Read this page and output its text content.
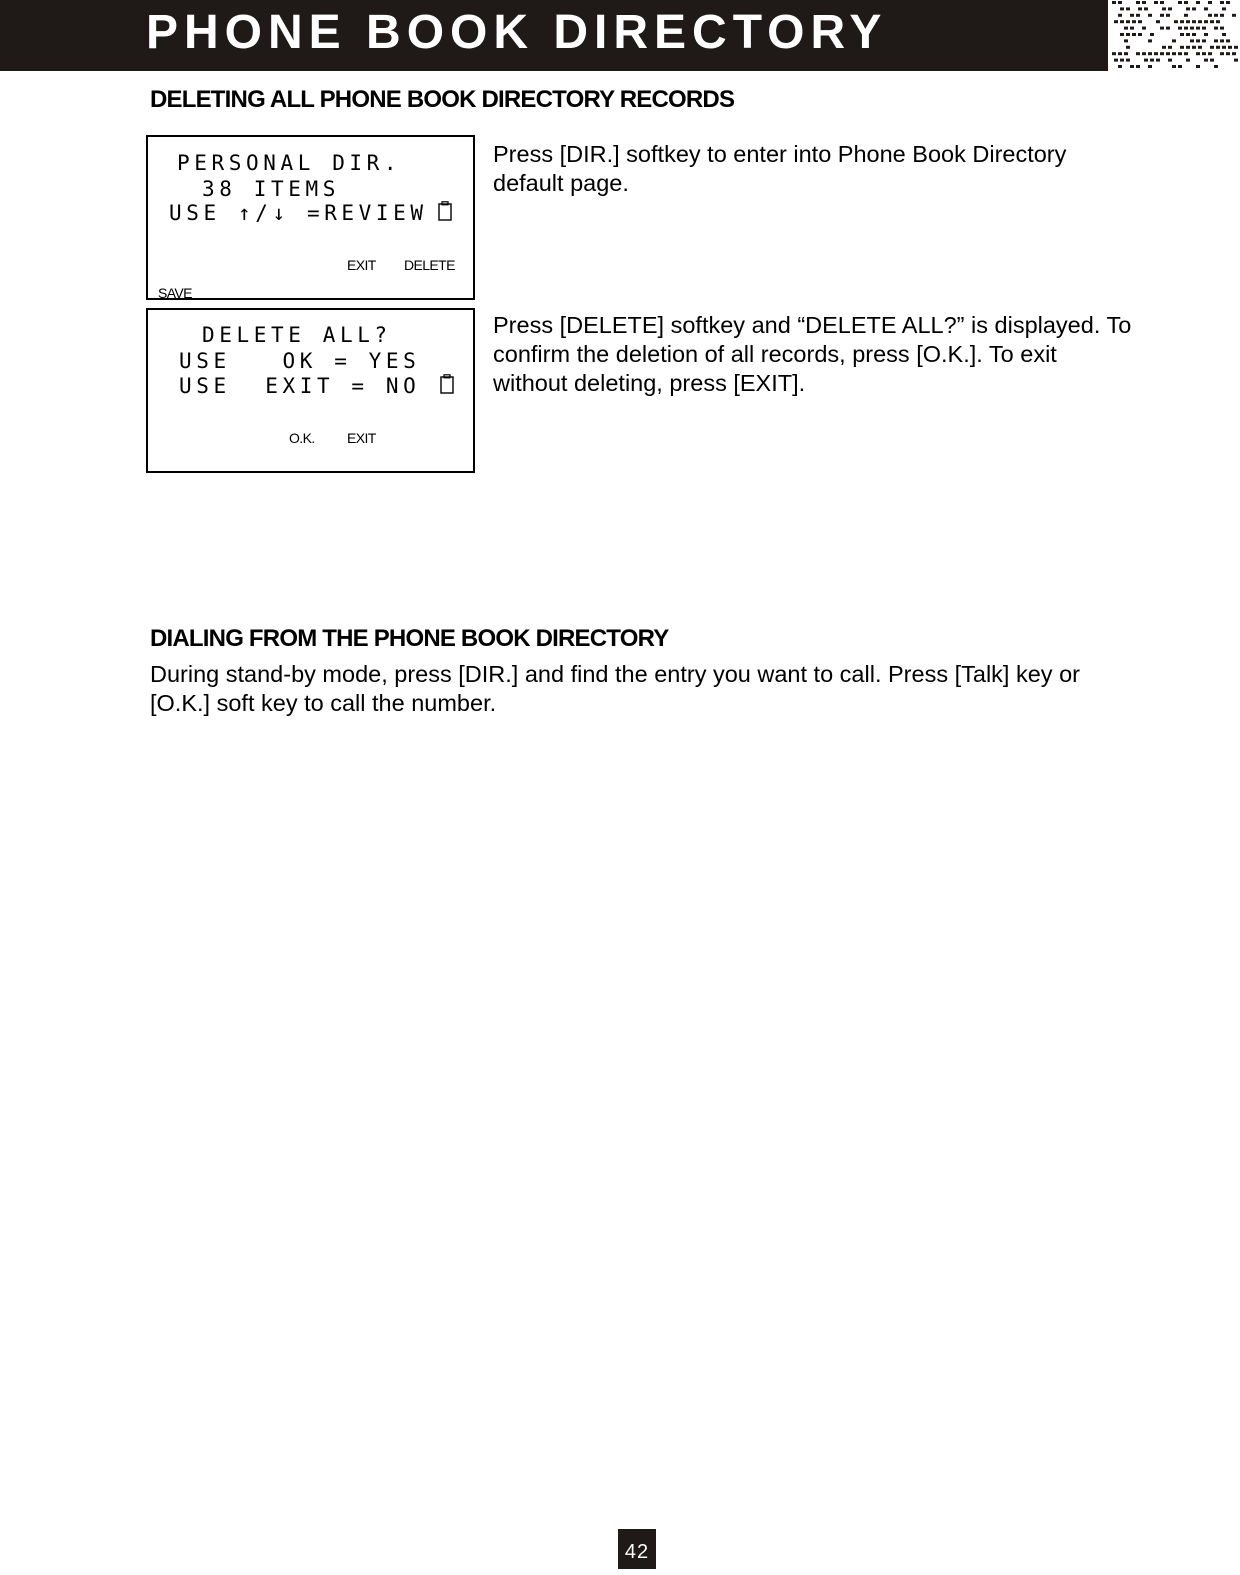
PHONE BOOK DIRECTORY
DELETING ALL PHONE BOOK DIRECTORY RECORDS

PERSONAL DIR.

38 ITEMS

USE ↑/↓ =REVIEW

EXIT DELETE
SAVE

Press [DIR.] softkey to enter into Phone Book Directory default page.

DELETE ALL?

USE   OK = YES

USE  EXIT = NO

O.K. EXIT

Press [DELETE] softkey and “DELETE ALL?” is displayed. To confirm the deletion of all records, press [O.K.]. To exit without deleting, press [EXIT].

DIALING FROM THE PHONE BOOK DIRECTORY

During stand-by mode, press [DIR.] and find the entry you want to call. Press [Talk] key or [O.K.] soft key to call the number.

42
